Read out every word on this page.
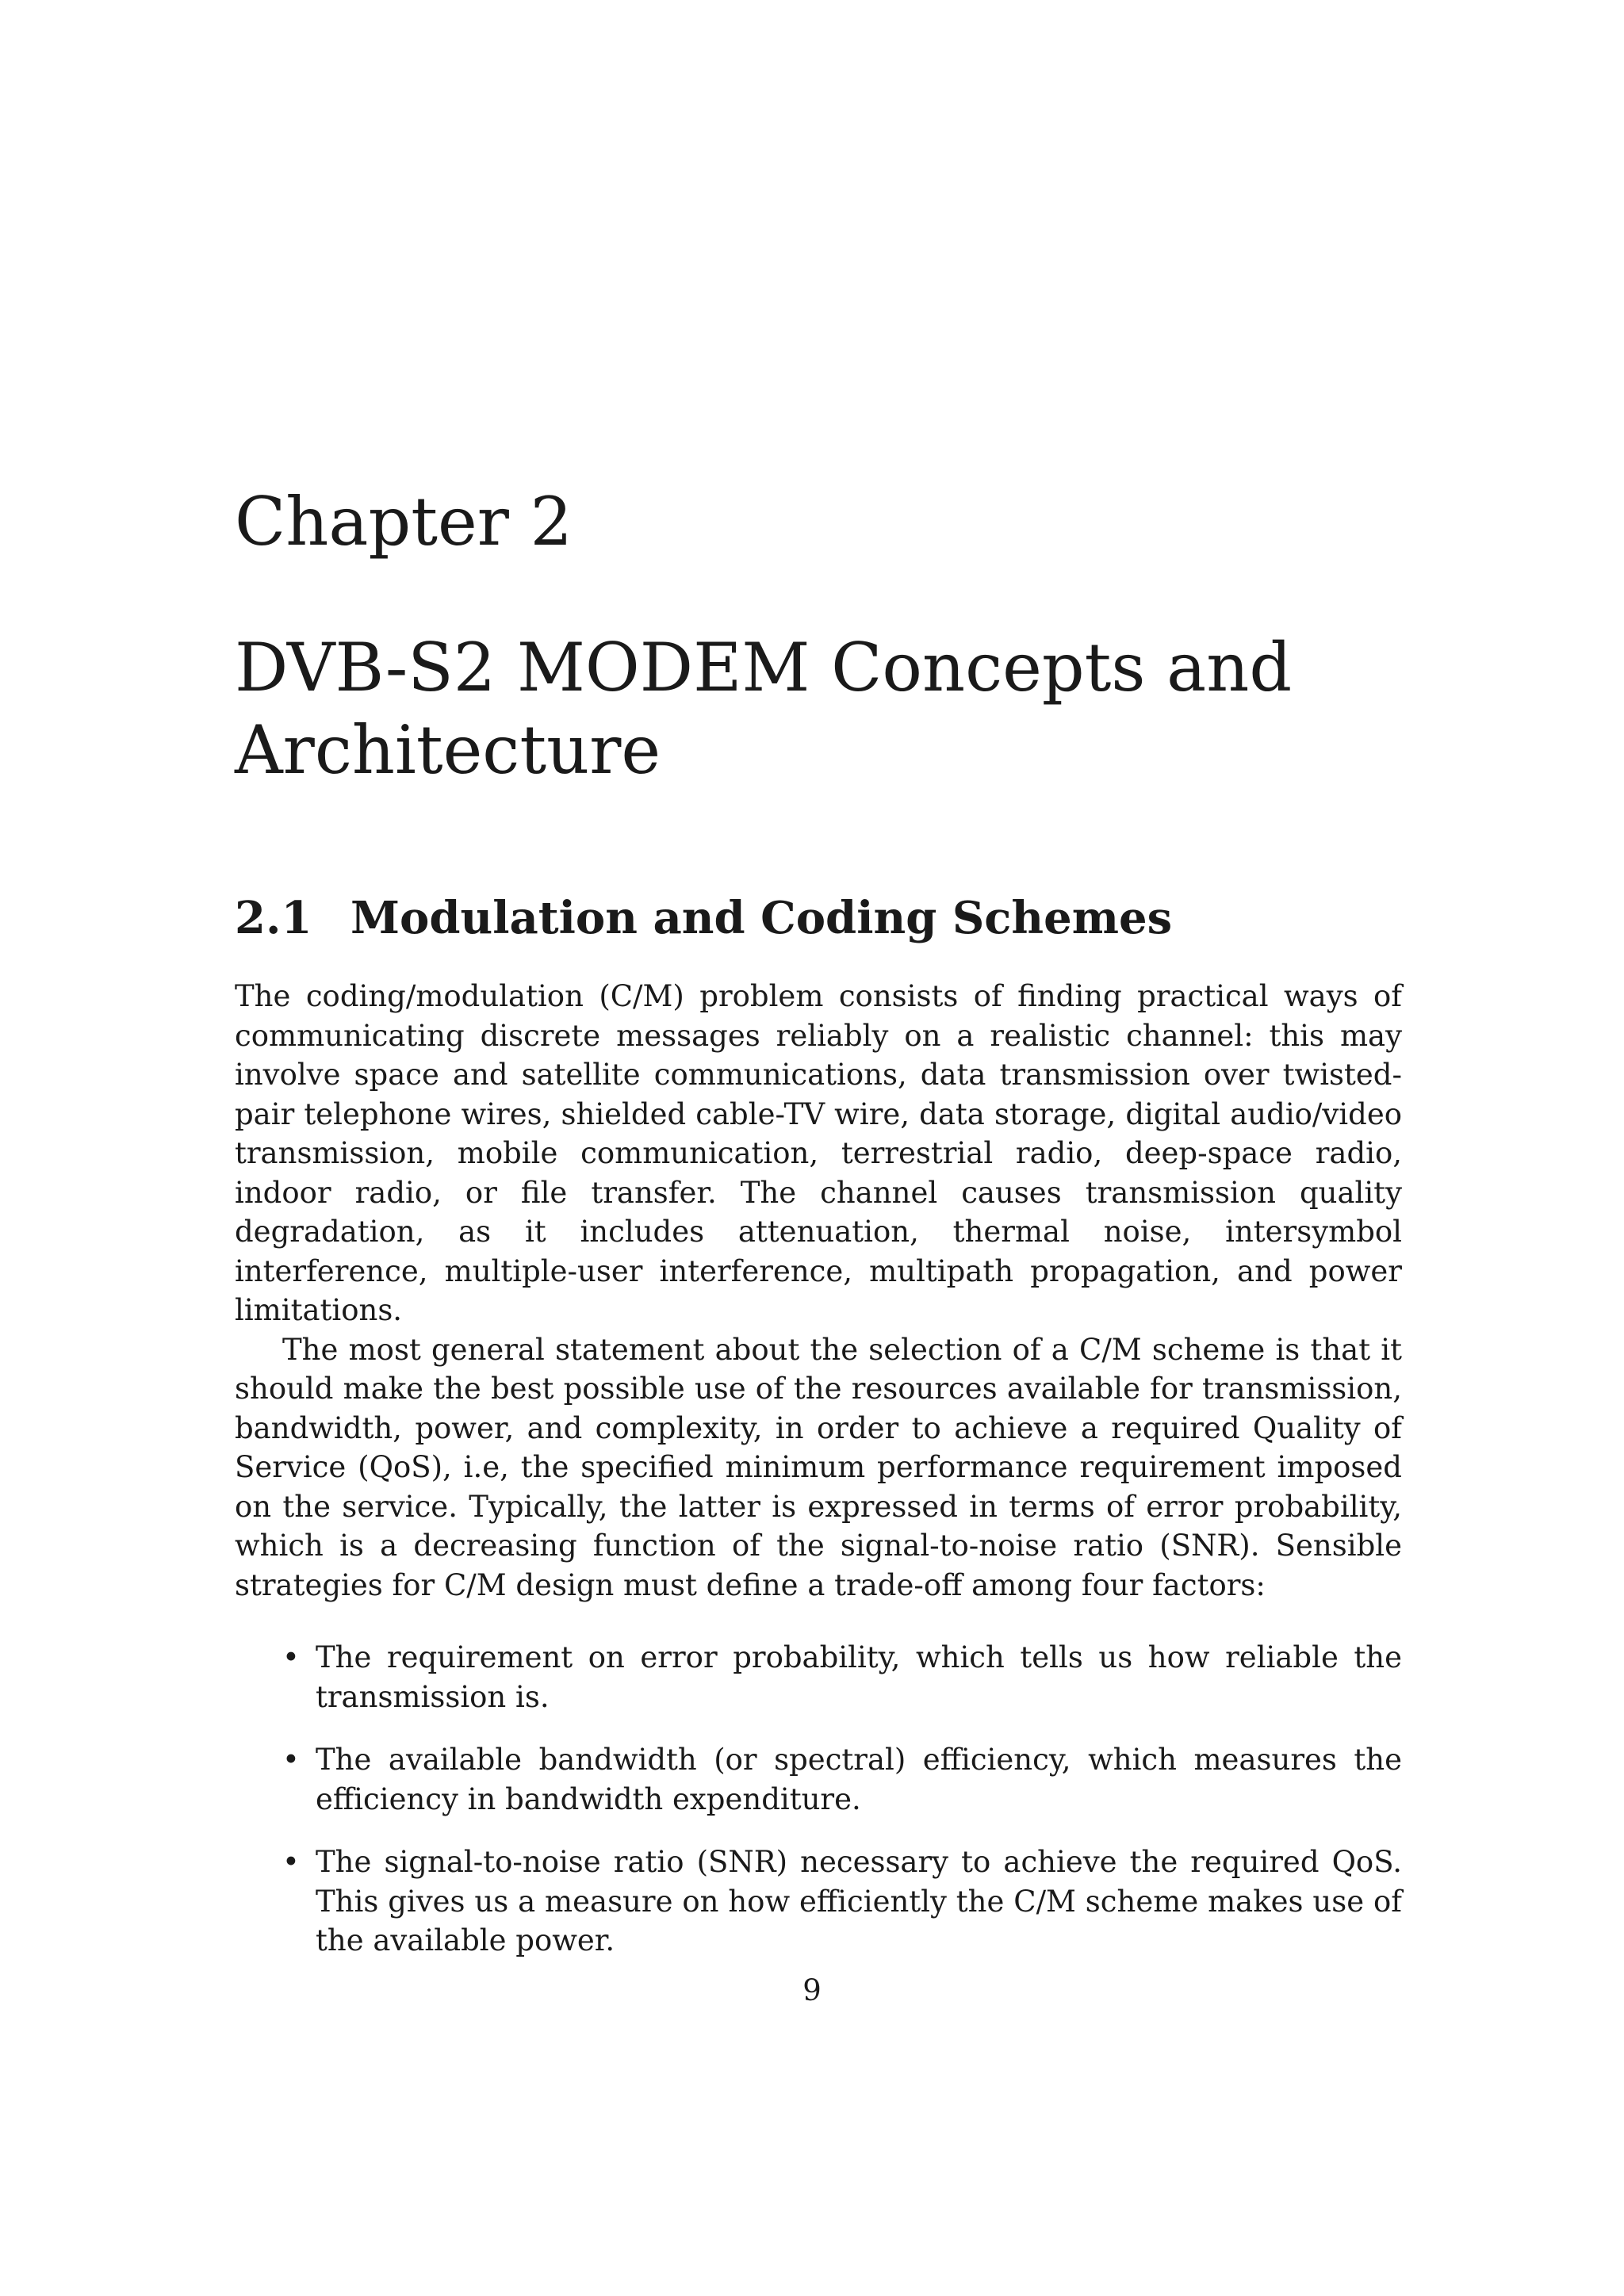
Chapter 2
DVB-S2 MODEM Concepts and Architecture
2.1 Modulation and Coding Schemes

The coding/modulation (C/M) problem consists of finding practical ways of communicating discrete messages reliably on a realistic channel: this may involve space and satellite communications, data transmission over twisted-pair telephone wires, shielded cable-TV wire, data storage, digital audio/video transmission, mobile communication, terrestrial radio, deep-space radio, indoor radio, or file transfer. The channel causes transmission quality degradation, as it includes attenuation, thermal noise, intersymbol interference, multiple-user interference, multipath propagation, and power limitations.

The most general statement about the selection of a C/M scheme is that it should make the best possible use of the resources available for transmission, bandwidth, power, and complexity, in order to achieve a required Quality of Service (QoS), i.e, the specified minimum performance requirement imposed on the service. Typically, the latter is expressed in terms of error probability, which is a decreasing function of the signal-to-noise ratio (SNR). Sensible strategies for C/M design must define a trade-off among four factors:

• The requirement on error probability, which tells us how reliable the transmission is.
• The available bandwidth (or spectral) efficiency, which measures the efficiency in bandwidth expenditure.
• The signal-to-noise ratio (SNR) necessary to achieve the required QoS. This gives us a measure on how efficiently the C/M scheme makes use of the available power.
9
